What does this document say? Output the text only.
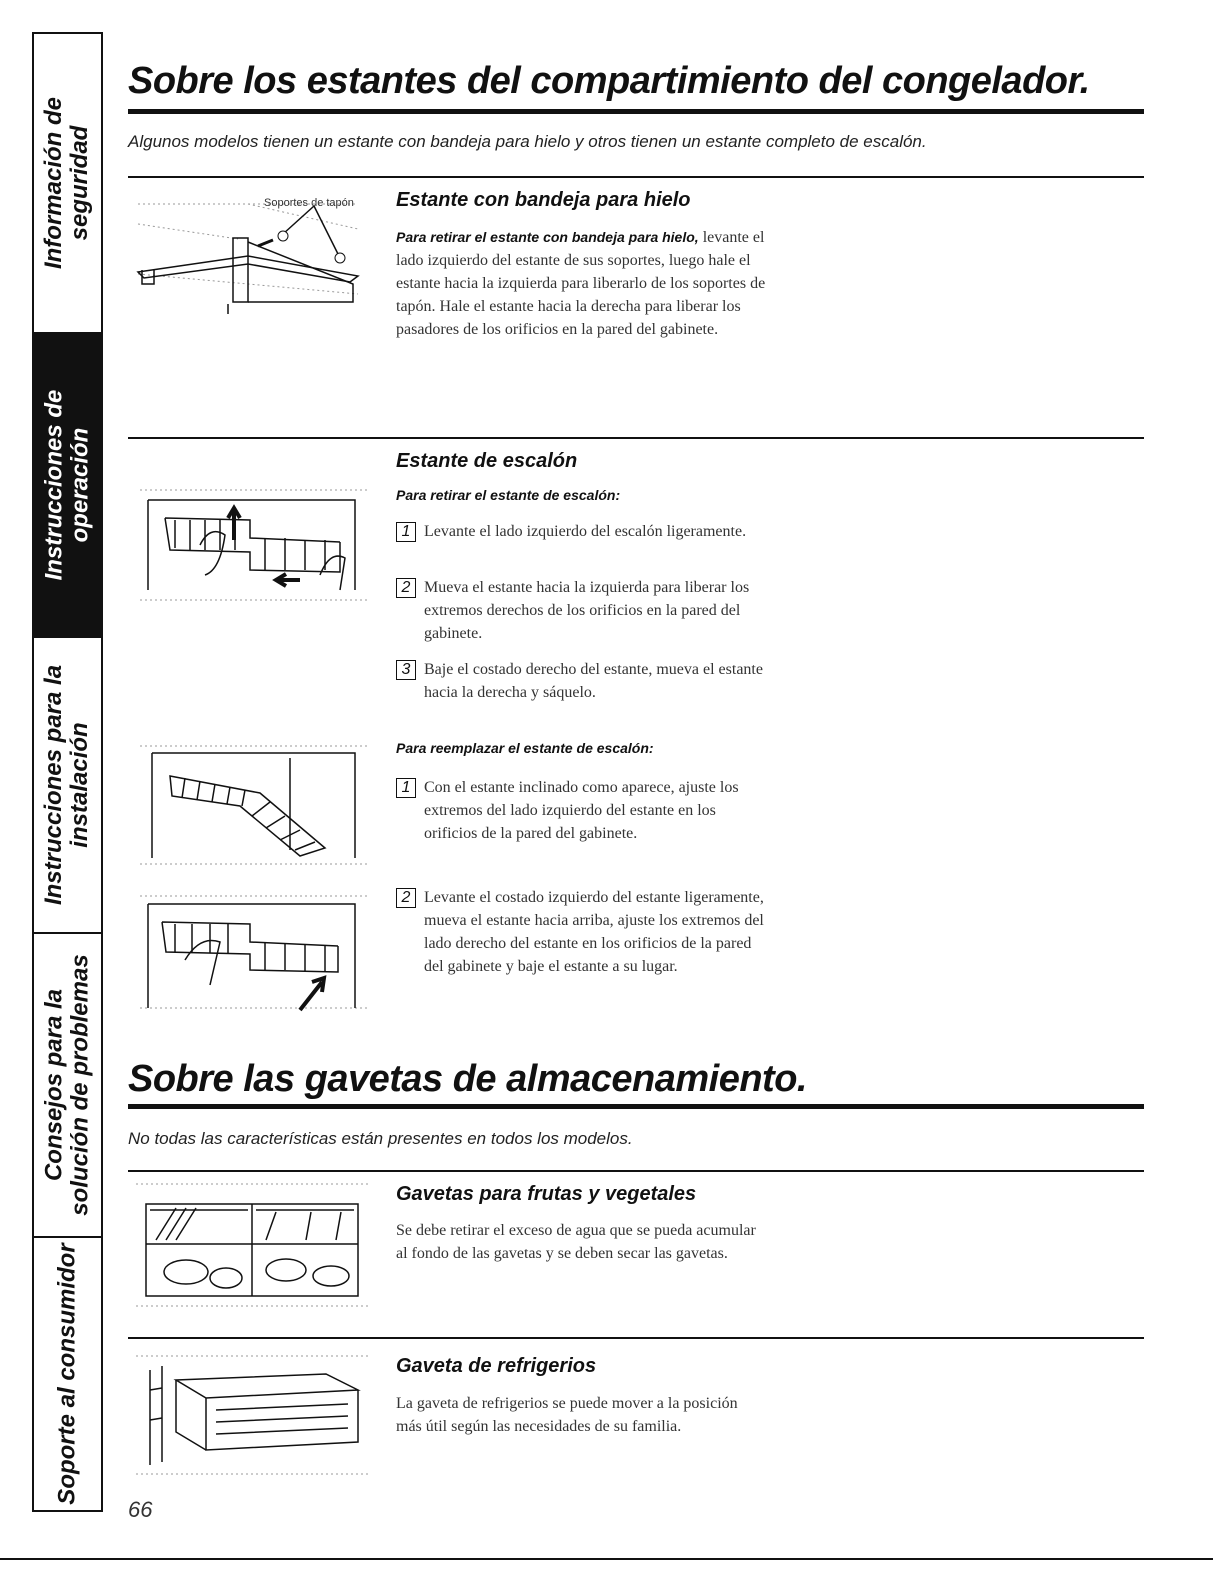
Información de seguridad
Instrucciones de operación
Instrucciones para la instalación
Consejos para la solución de problemas
Soporte al consumidor
Sobre los estantes del compartimiento del congelador.
Algunos modelos tienen un estante con bandeja para hielo y otros tienen un estante completo de escalón.
Soportes de tapón Estante con bandeja para hielo

Para retirar el estante con bandeja para hielo, levante el lado izquierdo del estante de sus soportes, luego hale el estante hacia la izquierda para liberarlo de los soportes de tapón. Hale el estante hacia la derecha para liberar los pasadores de los orificios en la pared del gabinete.

Estante de escalón
Para retirar el estante de escalón:
1 Levante el lado izquierdo del escalón ligeramente.
2 Mueva el estante hacia la izquierda para liberar los extremos derechos de los orificios en la pared del gabinete.
3 Baje el costado derecho del estante, mueva el estante hacia la derecha y sáquelo.
Para reemplazar el estante de escalón:
1 Con el estante inclinado como aparece, ajuste los extremos del lado izquierdo del estante en los orificios de la pared del gabinete.
2 Levante el costado izquierdo del estante ligeramente, mueva el estante hacia arriba, ajuste los extremos del lado derecho del estante en los orificios de la pared del gabinete y baje el estante a su lugar.
Sobre las gavetas de almacenamiento.
No todas las características están presentes en todos los modelos.
Gavetas para frutas y vegetales

Se debe retirar el exceso de agua que se pueda acumular al fondo de las gavetas y se deben secar las gavetas.

Gaveta de refrigerios

La gaveta de refrigerios se puede mover a la posición más útil según las necesidades de su familia.

66
